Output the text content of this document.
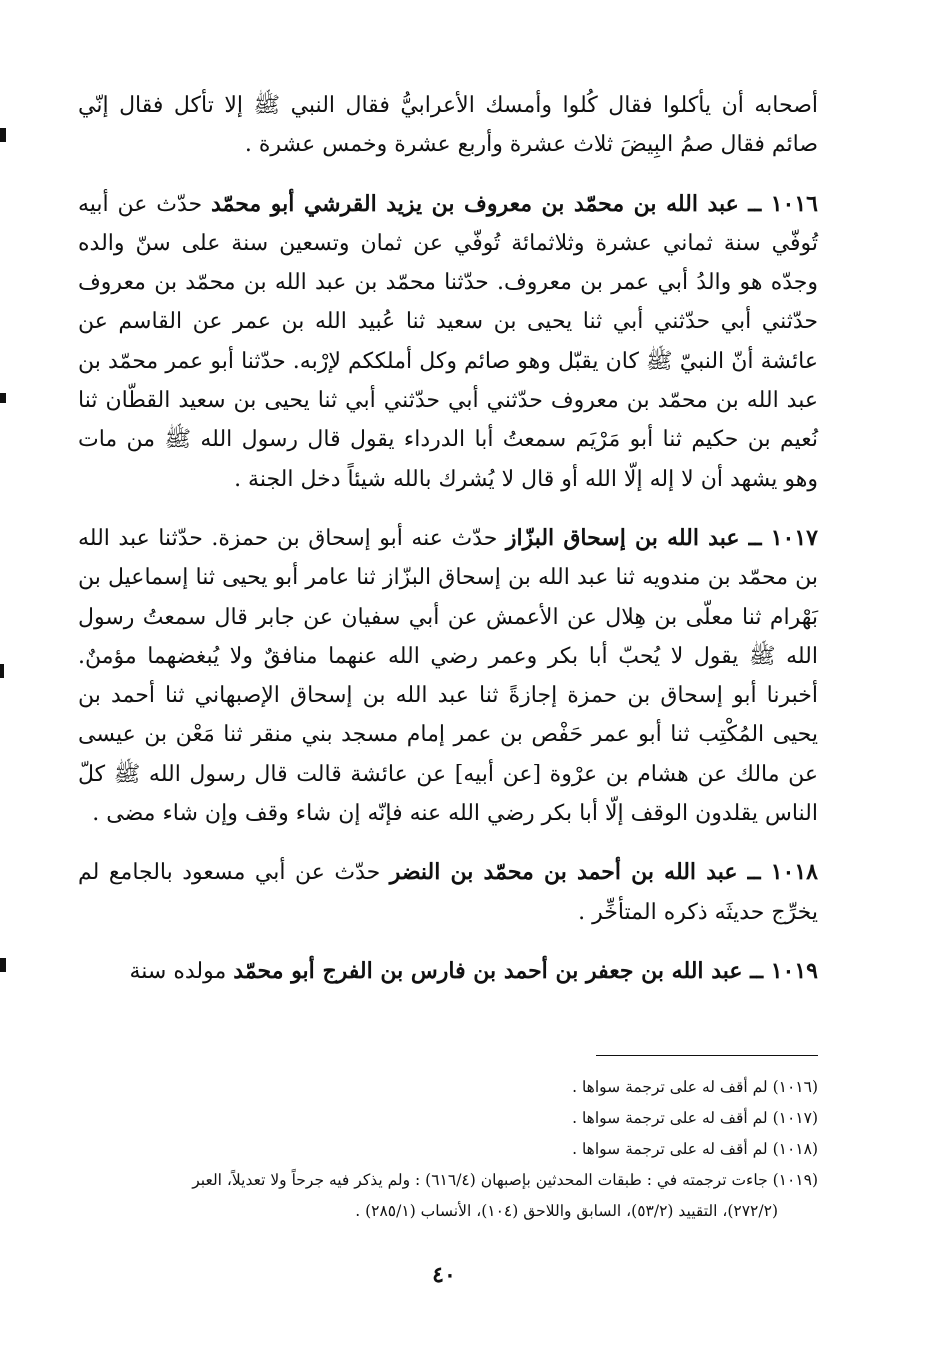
أصحابه أن يأكلوا فقال كُلوا وأمسك الأعرابيُّ فقال النبي ﷺ إلا تأكل فقال إنّي صائم فقال صمُ البِيضَ ثلاث عشرة وأربع عشرة وخمس عشرة .

١٠١٦ ــ عبد الله بن محمّد بن معروف بن يزيد القرشي أبو محمّد حدّث عن أبيه تُوفّي سنة ثماني عشرة وثلاثمائة تُوفّي عن ثمان وتسعين سنة على سنّ والده وجدّه هو والدُ أبي عمر بن معروف. حدّثنا محمّد بن عبد الله بن محمّد بن معروف حدّثني أبي حدّثني أبي ثنا يحيى بن سعيد ثنا عُبيد الله بن عمر عن القاسم عن عائشة أنّ النبيّ ﷺ كان يقبّل وهو صائم وكل أملككم لإرْبه. حدّثنا أبو عمر محمّد بن عبد الله بن محمّد بن معروف حدّثني أبي حدّثني أبي ثنا يحيى بن سعيد القطّان ثنا نُعيم بن حكيم ثنا أبو مَرْيَم سمعتُ أبا الدرداء يقول قال رسول الله ﷺ من مات وهو يشهد أن لا إله إلّا الله أو قال لا يُشرك بالله شيئاً دخل الجنة .

١٠١٧ ــ عبد الله بن إسحاق البزّاز حدّث عنه أبو إسحاق بن حمزة. حدّثنا عبد الله بن محمّد بن مندويه ثنا عبد الله بن إسحاق البزّاز ثنا عامر أبو يحيى ثنا إسماعيل بن بَهْرام ثنا معلّى بن هِلال عن الأعمش عن أبي سفيان عن جابر قال سمعتُ رسول الله ﷺ يقول لا يُحبّ أبا بكر وعمر رضي الله عنهما منافقٌ ولا يُبغضهما مؤمنٌ. أخبرنا أبو إسحاق بن حمزة إجازةً ثنا عبد الله بن إسحاق الإصبهاني ثنا أحمد بن يحيى المُكْتِب ثنا أبو عمر حَفْص بن عمر إمام مسجد بني منقر ثنا مَعْن بن عيسى عن مالك عن هشام بن عرْوة [عن أبيه] عن عائشة قالت قال رسول الله ﷺ كلّ الناس يقلدون الوقف إلّا أبا بكر رضي الله عنه فإنّه إن شاء وقف وإن شاء مضى .

١٠١٨ ــ عبد الله بن أحمد بن محمّد بن النضر حدّث عن أبي مسعود بالجامع لم يخرِّج حديثَه ذكره المتأخِّر .

١٠١٩ ــ عبد الله بن جعفر بن أحمد بن فارس بن الفرج أبو محمّد مولده سنة

(١٠١٦) لم أقف له على ترجمة سواها .

(١٠١٧) لم أقف له على ترجمة سواها .

(١٠١٨) لم أقف له على ترجمة سواها .

(١٠١٩) جاءت ترجمته في : طبقات المحدثين بإصبهان (٦١٦/٤) : ولم يذكر فيه جرحاً ولا تعديلاً، العبر

(٢٧٢/٢)، التقييد (٥٣/٢)، السابق واللاحق (١٠٤)، الأنساب (٢٨٥/١) .

٤٠
